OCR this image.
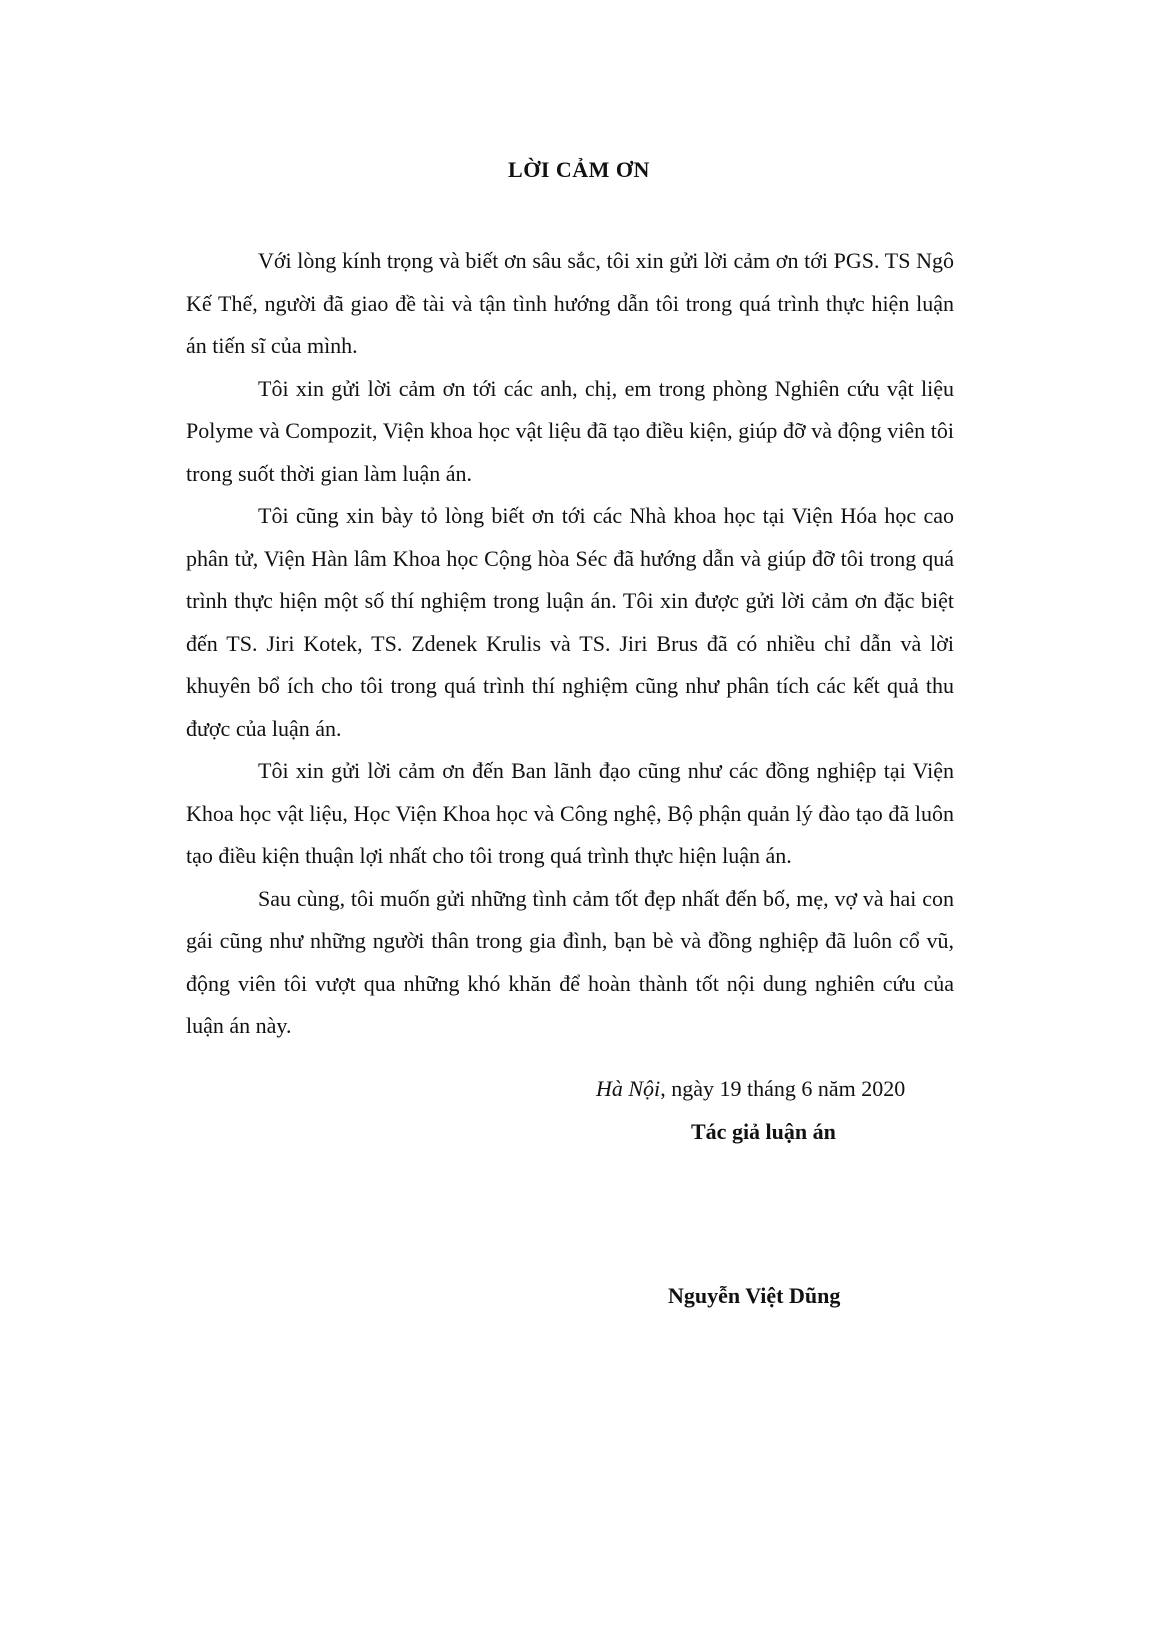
LỜI CẢM ƠN

Với lòng kính trọng và biết ơn sâu sắc, tôi xin gửi lời cảm ơn tới PGS. TS Ngô Kế Thế, người đã giao đề tài và tận tình hướng dẫn tôi trong quá trình thực hiện luận án tiến sĩ của mình.

Tôi xin gửi lời cảm ơn tới các anh, chị, em trong phòng Nghiên cứu vật liệu Polyme và Compozit, Viện khoa học vật liệu đã tạo điều kiện, giúp đỡ và động viên tôi trong suốt thời gian làm luận án.

Tôi cũng xin bày tỏ lòng biết ơn tới các Nhà khoa học tại Viện Hóa học cao phân tử, Viện Hàn lâm Khoa học Cộng hòa Séc đã hướng dẫn và giúp đỡ tôi trong quá trình thực hiện một số thí nghiệm trong luận án. Tôi xin được gửi lời cảm ơn đặc biệt đến TS. Jiri Kotek, TS. Zdenek Krulis và TS. Jiri Brus đã có nhiều chỉ dẫn và lời khuyên bổ ích cho tôi trong quá trình thí nghiệm cũng như phân tích các kết quả thu được của luận án.

Tôi xin gửi lời cảm ơn đến Ban lãnh đạo cũng như các đồng nghiệp tại Viện Khoa học vật liệu, Học Viện Khoa học và Công nghệ, Bộ phận quản lý đào tạo đã luôn tạo điều kiện thuận lợi nhất cho tôi trong quá trình thực hiện luận án.

Sau cùng, tôi muốn gửi những tình cảm tốt đẹp nhất đến bố, mẹ, vợ và hai con gái cũng như những người thân trong gia đình, bạn bè và đồng nghiệp đã luôn cổ vũ, động viên tôi vượt qua những khó khăn để hoàn thành tốt nội dung nghiên cứu của luận án này.

Hà Nội, ngày 19 tháng 6 năm 2020
Tác giả luận án
Nguyễn Việt Dũng
